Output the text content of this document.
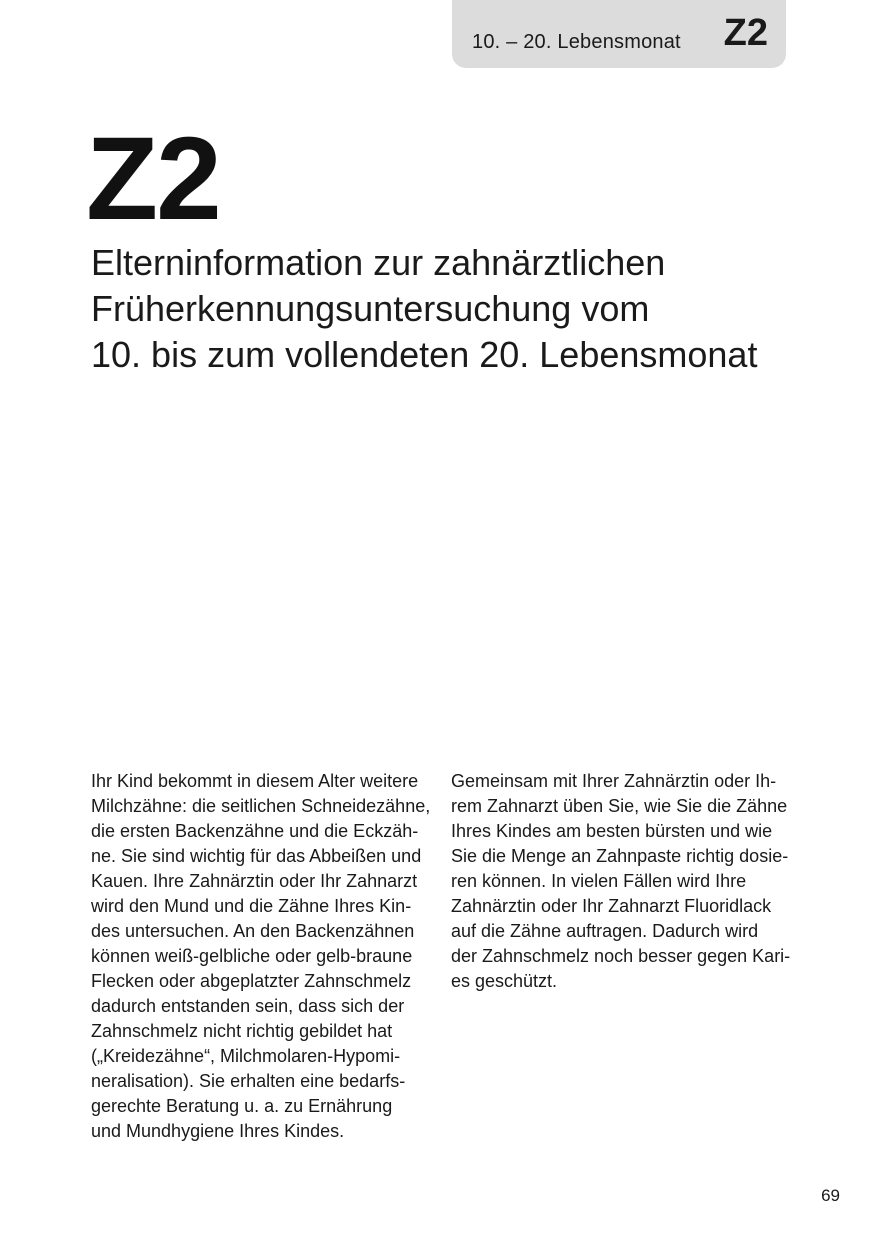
10. – 20. Lebensmonat Z2
Z2
Elterninformation zur zahnärztlichen
Früherkennungsuntersuchung vom
10. bis zum vollendeten 20. Lebensmonat
Ihr Kind bekommt in diesem Alter weitere
Milchzähne: die seitlichen Schneidezähne,
die ersten Backenzähne und die Eckzäh-
ne. Sie sind wichtig für das Abbeißen und
Kauen. Ihre Zahnärztin oder Ihr Zahnarzt
wird den Mund und die Zähne Ihres Kin-
des untersuchen. An den Backenzähnen
können weiß-gelbliche oder gelb-braune
Flecken oder abgeplatzter Zahnschmelz
dadurch entstanden sein, dass sich der
Zahnschmelz nicht richtig gebildet hat
(„Kreidezähne“, Milchmolaren-Hypomi-
neralisation). Sie erhalten eine bedarfs-
gerechte Beratung u. a. zu Ernährung
und Mundhygiene Ihres Kindes.
Gemeinsam mit Ihrer Zahnärztin oder Ih-
rem Zahnarzt üben Sie, wie Sie die Zähne
Ihres Kindes am besten bürsten und wie
Sie die Menge an Zahnpaste richtig dosie-
ren können. In vielen Fällen wird Ihre
Zahnärztin oder Ihr Zahnarzt Fluoridlack
auf die Zähne auftragen. Dadurch wird
der Zahnschmelz noch besser gegen Kari-
es geschützt.
69
